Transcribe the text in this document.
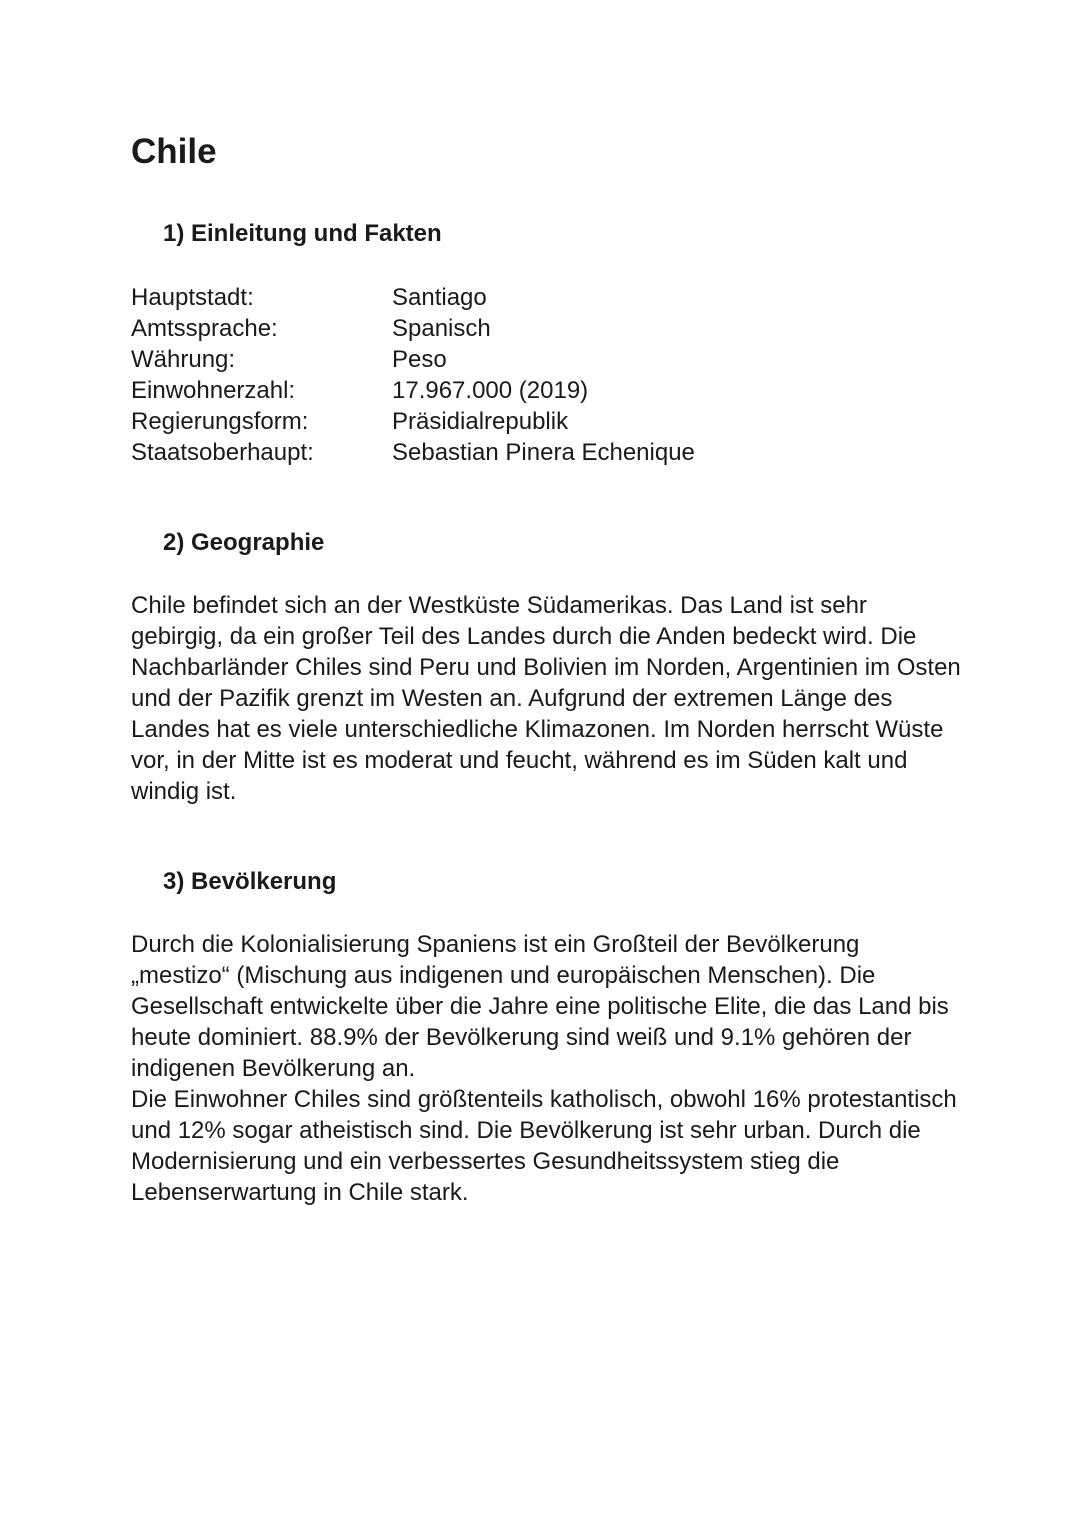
Chile
1) Einleitung und Fakten
Hauptstadt:	Santiago
Amtssprache:	Spanisch
Währung:	Peso
Einwohnerzahl:	17.967.000 (2019)
Regierungsform:	Präsidialrepublik
Staatsoberhaupt:	Sebastian Pinera Echenique
2) Geographie

Chile befindet sich an der Westküste Südamerikas. Das Land ist sehr gebirgig, da ein großer Teil des Landes durch die Anden bedeckt wird. Die Nachbarländer Chiles sind Peru und Bolivien im Norden, Argentinien im Osten und der Pazifik grenzt im Westen an. Aufgrund der extremen Länge des Landes hat es viele unterschiedliche Klimazonen. Im Norden herrscht Wüste vor, in der Mitte ist es moderat und feucht, während es im Süden kalt und windig ist.

3) Bevölkerung

Durch die Kolonialisierung Spaniens ist ein Großteil der Bevölkerung „mestizo“ (Mischung aus indigenen und europäischen Menschen). Die Gesellschaft entwickelte über die Jahre eine politische Elite, die das Land bis heute dominiert. 88.9% der Bevölkerung sind weiß und 9.1% gehören der indigenen Bevölkerung an.

Die Einwohner Chiles sind größtenteils katholisch, obwohl 16% protestantisch und 12% sogar atheistisch sind. Die Bevölkerung ist sehr urban. Durch die Modernisierung und ein verbessertes Gesundheitssystem stieg die Lebenserwartung in Chile stark.
